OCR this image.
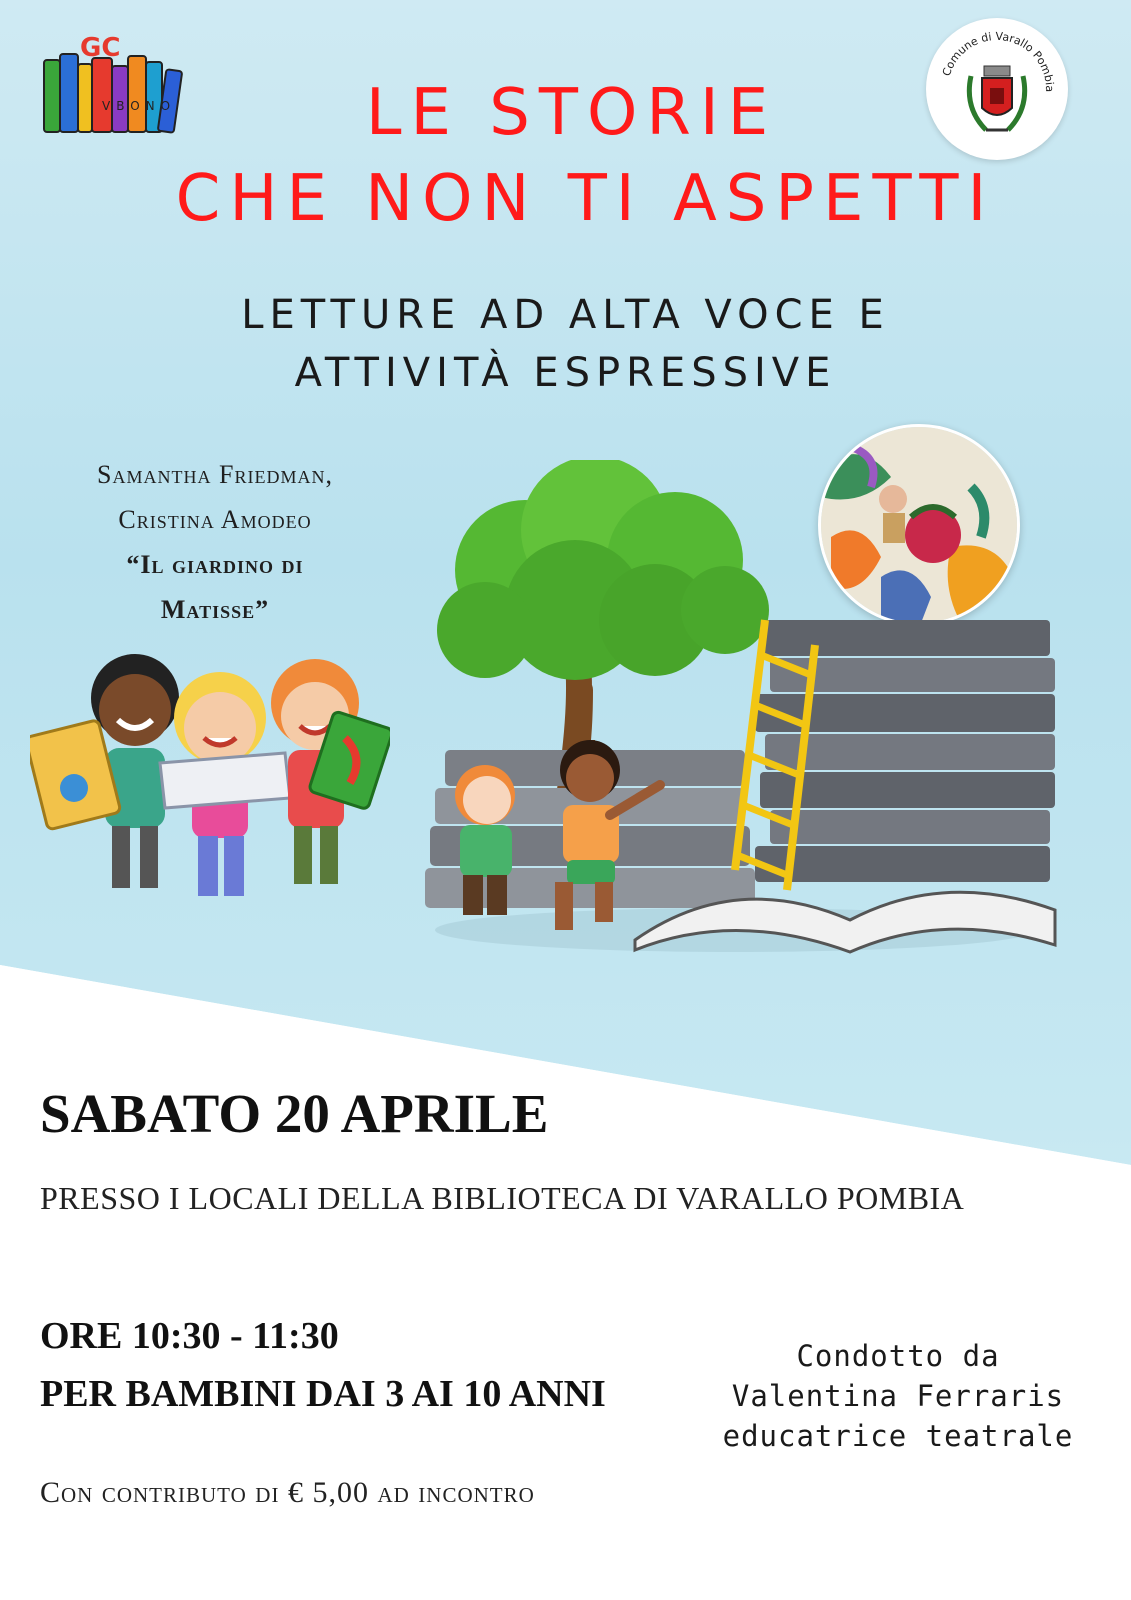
GC
VBONO
Comune di Varallo Pombia
LE STORIE
CHE NON TI ASPETTI
LETTURE AD ALTA VOCE E
ATTIVITÀ ESPRESSIVE
Samantha Friedman,
Cristina Amodeo
“Il giardino di
Matisse”
SABATO 20 APRILE
PRESSO I LOCALI DELLA BIBLIOTECA DI VARALLO POMBIA
ORE 10:30 - 11:30
PER BAMBINI DAI 3 AI 10 ANNI
Con contributo di € 5,00 ad incontro
Condotto da
Valentina Ferraris
educatrice teatrale
